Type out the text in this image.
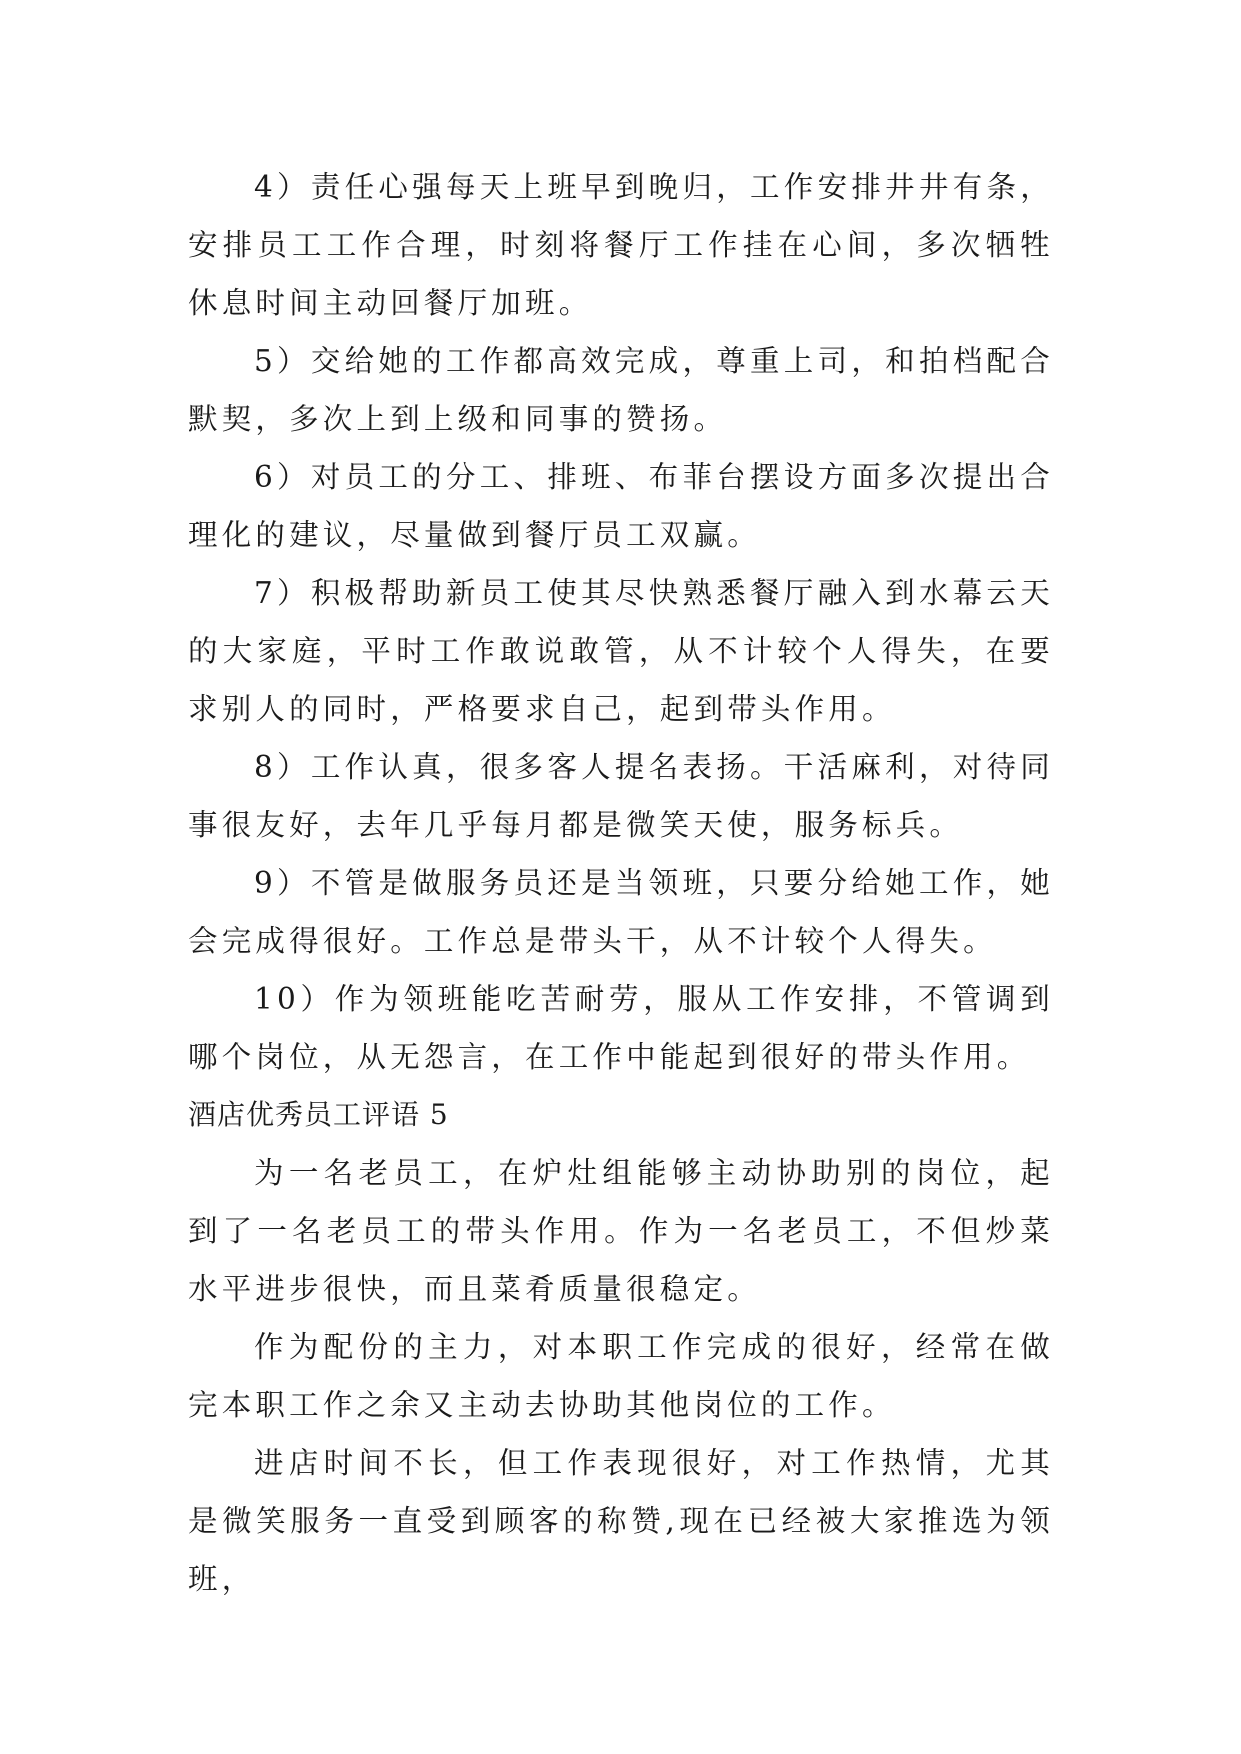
4）责任心强每天上班早到晚归，工作安排井井有条，安排员工工作合理，时刻将餐厅工作挂在心间，多次牺牲休息时间主动回餐厅加班。

5）交给她的工作都高效完成，尊重上司，和拍档配合默契，多次上到上级和同事的赞扬。

6）对员工的分工、排班、布菲台摆设方面多次提出合理化的建议，尽量做到餐厅员工双赢。

7）积极帮助新员工使其尽快熟悉餐厅融入到水幕云天的大家庭，平时工作敢说敢管，从不计较个人得失，在要求别人的同时，严格要求自己，起到带头作用。

8）工作认真，很多客人提名表扬。干活麻利，对待同事很友好，去年几乎每月都是微笑天使，服务标兵。

9）不管是做服务员还是当领班，只要分给她工作，她会完成得很好。工作总是带头干，从不计较个人得失。

10）作为领班能吃苦耐劳，服从工作安排，不管调到哪个岗位，从无怨言，在工作中能起到很好的带头作用。

酒店优秀员工评语 5

为一名老员工，在炉灶组能够主动协助别的岗位，起到了一名老员工的带头作用。作为一名老员工，不但炒菜水平进步很快，而且菜肴质量很稳定。

作为配份的主力，对本职工作完成的很好，经常在做完本职工作之余又主动去协助其他岗位的工作。

进店时间不长，但工作表现很好，对工作热情，尤其是微笑服务一直受到顾客的称赞,现在已经被大家推选为领班，
